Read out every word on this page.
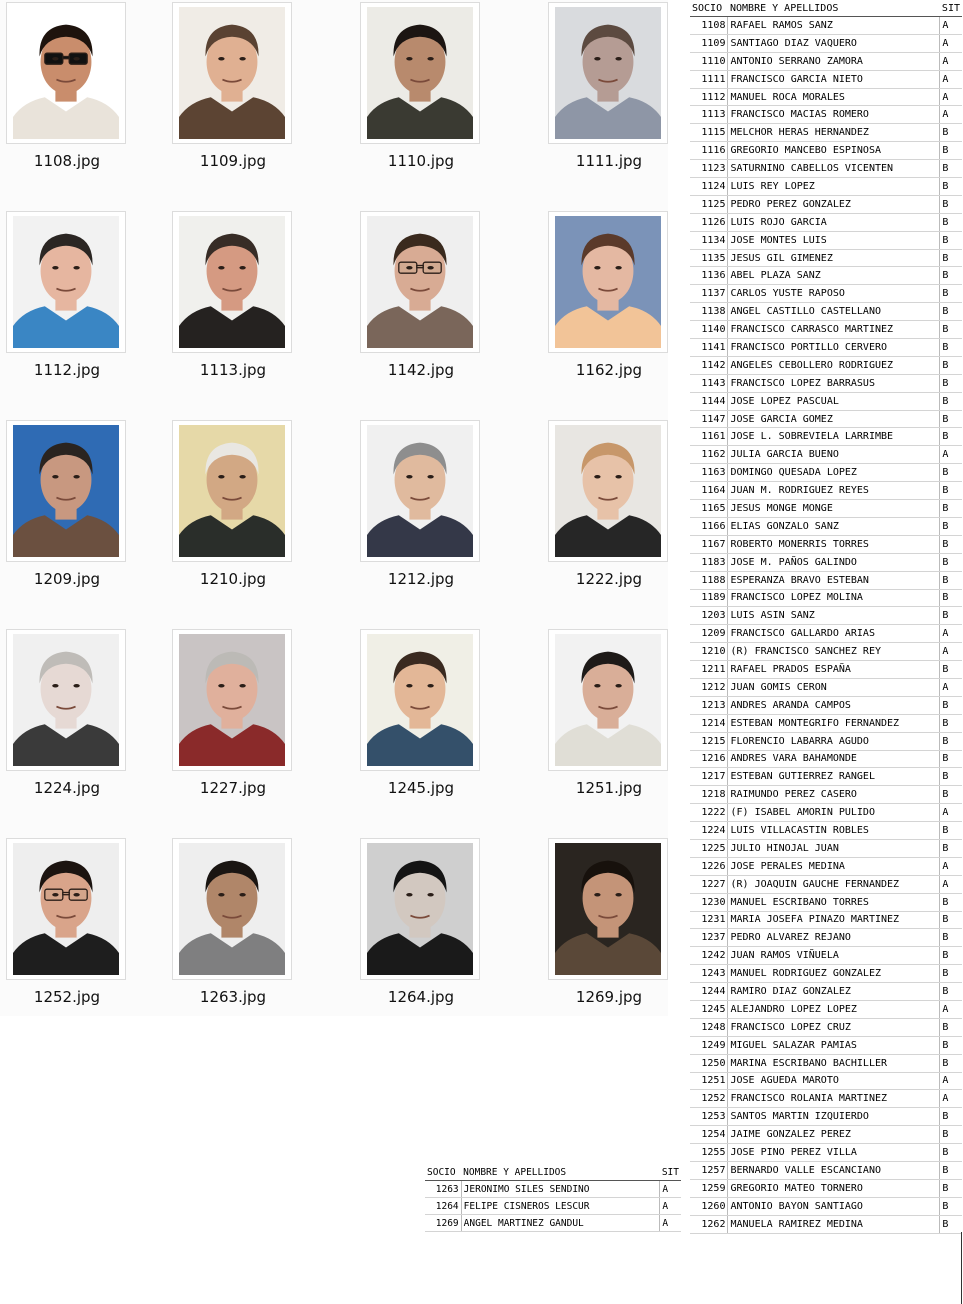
1108.jpg	1109.jpg	1110.jpg	1111.jpg
1112.jpg	1113.jpg	1142.jpg	1162.jpg
1209.jpg	1210.jpg	1212.jpg	1222.jpg
1224.jpg	1227.jpg	1245.jpg	1251.jpg
1252.jpg	1263.jpg	1264.jpg	1269.jpg
SOCIO	NOMBRE Y APELLIDOS	SIT
1108	RAFAEL RAMOS SANZ	A
1109	SANTIAGO DIAZ VAQUERO	A
1110	ANTONIO SERRANO ZAMORA	A
1111	FRANCISCO GARCIA NIETO	A
1112	MANUEL ROCA MORALES	A
1113	FRANCISCO MACIAS ROMERO	A
1115	MELCHOR HERAS HERNANDEZ	B
1116	GREGORIO MANCEBO ESPINOSA	B
1123	SATURNINO CABELLOS VICENTEN	B
1124	LUIS REY LOPEZ	B
1125	PEDRO PEREZ GONZALEZ	B
1126	LUIS ROJO GARCIA	B
1134	JOSE MONTES LUIS	B
1135	JESUS GIL GIMENEZ	B
1136	ABEL PLAZA SANZ	B
1137	CARLOS YUSTE RAPOSO	B
1138	ANGEL CASTILLO CASTELLANO	B
1140	FRANCISCO CARRASCO MARTINEZ	B
1141	FRANCISCO PORTILLO CERVERO	B
1142	ANGELES CEBOLLERO RODRIGUEZ	B
1143	FRANCISCO LOPEZ BARRASUS	B
1144	JOSE LOPEZ PASCUAL	B
1147	JOSE GARCIA GOMEZ	B
1161	JOSE L. SOBREVIELA LARRIMBE	B
1162	JULIA GARCIA BUENO	A
1163	DOMINGO QUESADA LOPEZ	B
1164	JUAN M. RODRIGUEZ REYES	B
1165	JESUS MONGE MONGE	B
1166	ELIAS GONZALO SANZ	B
1167	ROBERTO MONERRIS TORRES	B
1183	JOSE M. PAÑOS GALINDO	B
1188	ESPERANZA BRAVO ESTEBAN	B
1189	FRANCISCO LOPEZ MOLINA	B
1203	LUIS ASIN SANZ	B
1209	FRANCISCO GALLARDO ARIAS	A
1210	(R) FRANCISCO SANCHEZ REY	A
1211	RAFAEL PRADOS ESPAÑA	B
1212	JUAN GOMIS CERON	A
1213	ANDRES ARANDA CAMPOS	B
1214	ESTEBAN MONTEGRIFO FERNANDEZ	B
1215	FLORENCIO LABARRA AGUDO	B
1216	ANDRES VARA BAHAMONDE	B
1217	ESTEBAN GUTIERREZ RANGEL	B
1218	RAIMUNDO PEREZ CASERO	B
1222	(F) ISABEL AMORIN PULIDO	A
1224	LUIS VILLACASTIN ROBLES	B
1225	JULIO HINOJAL JUAN	B
1226	JOSE PERALES MEDINA	A
1227	(R) JOAQUIN GAUCHE FERNANDEZ	A
1230	MANUEL ESCRIBANO TORRES	B
1231	MARIA JOSEFA PINAZO MARTINEZ	B
1237	PEDRO ALVAREZ REJANO	B
1242	JUAN RAMOS VIÑUELA	B
1243	MANUEL RODRIGUEZ GONZALEZ	B
1244	RAMIRO DIAZ GONZALEZ	B
1245	ALEJANDRO LOPEZ LOPEZ	A
1248	FRANCISCO LOPEZ CRUZ	B
1249	MIGUEL SALAZAR PAMIAS	B
1250	MARINA ESCRIBANO BACHILLER	B
1251	JOSE AGUEDA MAROTO	A
1252	FRANCISCO ROLANIA MARTINEZ	A
1253	SANTOS MARTIN IZQUIERDO	B
1254	JAIME GONZALEZ PEREZ	B
1255	JOSE PINO PEREZ VILLA	B
1257	BERNARDO VALLE ESCANCIANO	B
1259	GREGORIO MATEO TORNERO	B
1260	ANTONIO BAYON SANTIAGO	B
1262	MANUELA RAMIREZ MEDINA	B
SOCIO	NOMBRE Y APELLIDOS	SIT
1263	JERONIMO SILES SENDINO	A
1264	FELIPE CISNEROS LESCUR	A
1269	ANGEL MARTINEZ GANDUL	A
